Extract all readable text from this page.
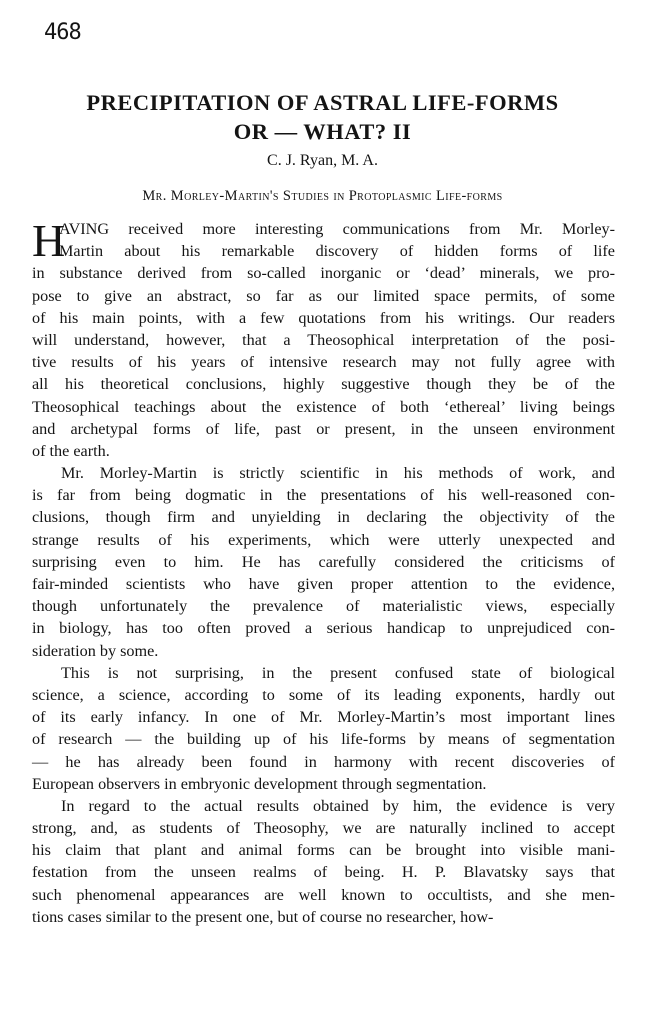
468
PRECIPITATION OF ASTRAL LIFE-FORMS
OR — WHAT? II
C. J. Ryan, M. A.
Mr. Morley-Martin's Studies in Protoplasmic Life-forms
H
AVING received more interesting communications from Mr. Morley-
Martin about his remarkable discovery of hidden forms of life
in substance derived from so-called inorganic or ‘dead’ minerals, we pro-
pose to give an abstract, so far as our limited space permits, of some
of his main points, with a few quotations from his writings. Our readers
will understand, however, that a Theosophical interpretation of the posi-
tive results of his years of intensive research may not fully agree with
all his theoretical conclusions, highly suggestive though they be of the
Theosophical teachings about the existence of both ‘ethereal’ living beings
and archetypal forms of life, past or present, in the unseen environment
of the earth.
Mr. Morley-Martin is strictly scientific in his methods of work, and
is far from being dogmatic in the presentations of his well-reasoned con-
clusions, though firm and unyielding in declaring the objectivity of the
strange results of his experiments, which were utterly unexpected and
surprising even to him. He has carefully considered the criticisms of
fair-minded scientists who have given proper attention to the evidence,
though unfortunately the prevalence of materialistic views, especially
in biology, has too often proved a serious handicap to unprejudiced con-
sideration by some.
This is not surprising, in the present confused state of biological
science, a science, according to some of its leading exponents, hardly out
of its early infancy. In one of Mr. Morley-Martin’s most important lines
of research — the building up of his life-forms by means of segmentation
— he has already been found in harmony with recent discoveries of
European observers in embryonic development through segmentation.
In regard to the actual results obtained by him, the evidence is very
strong, and, as students of Theosophy, we are naturally inclined to accept
his claim that plant and animal forms can be brought into visible mani-
festation from the unseen realms of being. H. P. Blavatsky says that
such phenomenal appearances are well known to occultists, and she men-
tions cases similar to the present one, but of course no researcher, how-
